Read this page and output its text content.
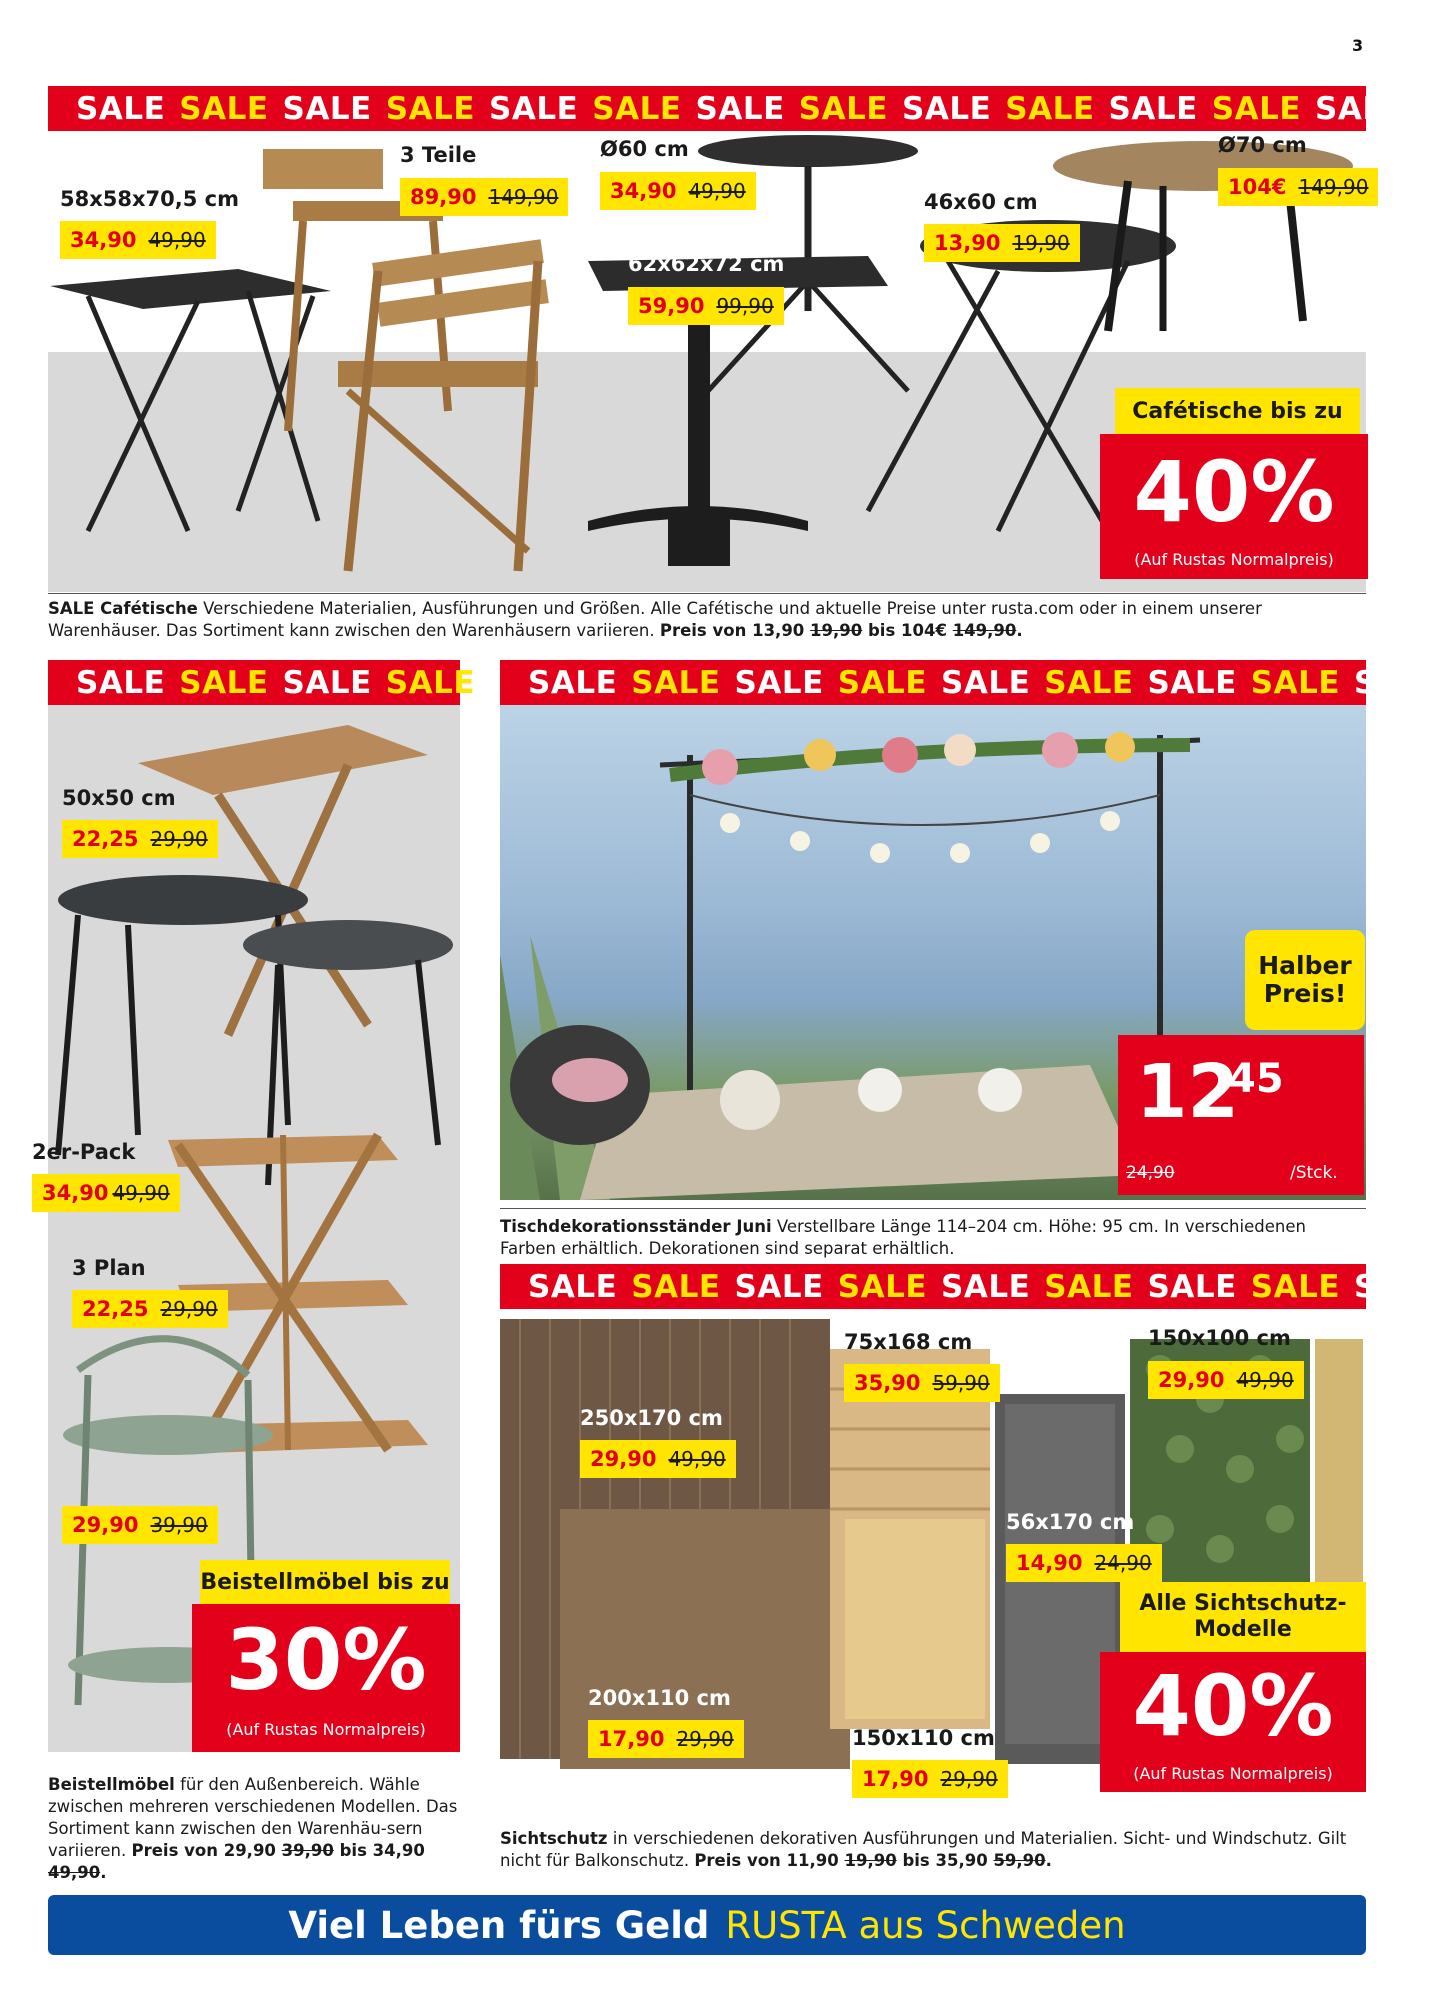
3
SALE SALE SALE SALE SALE SALE SALE SALE SALE SALE SALE SALE SALE
58x58x70,5 cm
34,90 49,90
3 Teile
89,90 149,90
Ø60 cm
34,90 49,90
62x62x72 cm
59,90 99,90
46x60 cm
13,90 19,90
Ø70 cm
104€ 149,90
Cafétische bis zu
40%
(Auf Rustas Normalpreis)
SALE Cafétische Verschiedene Materialien, Ausführungen und Größen. Alle Cafétische und aktuelle Preise unter rusta.com oder in einem unserer Warenhäuser. Das Sortiment kann zwischen den Warenhäusern variieren. Preis von 13,90 19,90 bis 104€ 149,90.
SALE SALE SALE SALE
50x50 cm
22,25 29,90
2er-Pack
34,90 49,90
3 Plan
22,25 29,90
29,90 39,90
Beistellmöbel bis zu
30%
(Auf Rustas Normalpreis)
Beistellmöbel für den Außenbereich. Wähle zwischen mehreren verschiedenen Modellen. Das Sortiment kann zwischen den Warenhäu-sern variieren. Preis von 29,90 39,90 bis 34,90 49,90.
SALE SALE SALE SALE SALE SALE SALE SALE SALE
Halber
Preis!
12
45
24,90	/Stck.
Tischdekorationsständer Juni Verstellbare Länge 114–204 cm. Höhe: 95 cm. In verschiedenen Farben erhältlich. Dekorationen sind separat erhältlich.
SALE SALE SALE SALE SALE SALE SALE SALE SALE
75x168 cm
35,90 59,90
150x100 cm
29,90 49,90
250x170 cm
29,90 49,90
56x170 cm
14,90 24,90
200x110 cm
17,90 29,90	150x110 cm
17,90 29,90
Alle Sichtschutz-Modelle
40%
(Auf Rustas Normalpreis)
Sichtschutz in verschiedenen dekorativen Ausführungen und Materialien. Sicht- und Windschutz. Gilt nicht für Balkonschutz. Preis von 11,90 19,90 bis 35,90 59,90.
Viel Leben fürs Geld RUSTA aus Schweden
